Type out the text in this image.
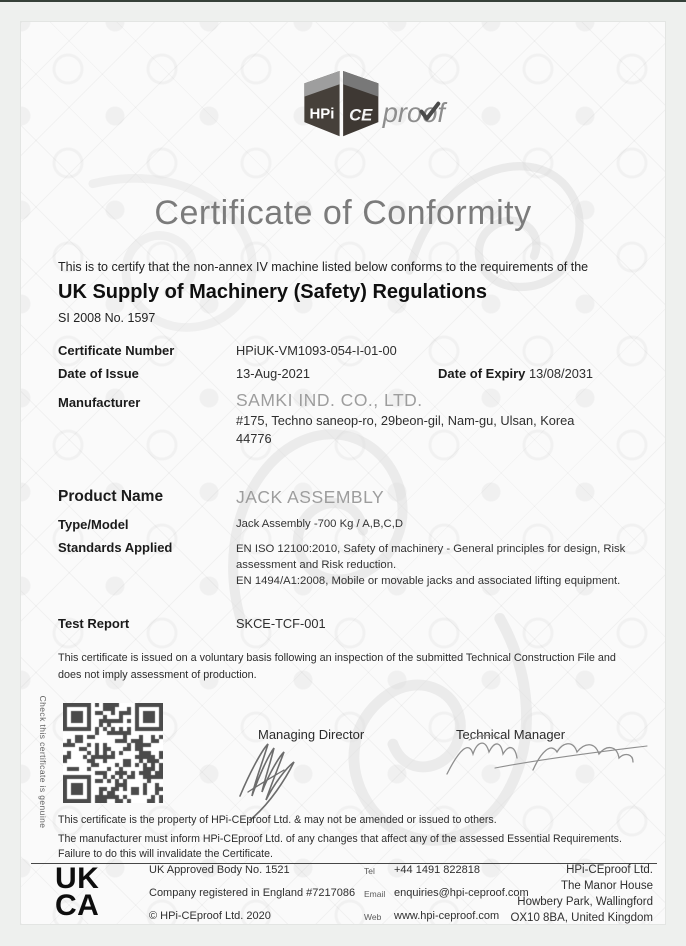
HPi CE proof
Certificate of Conformity
This is to certify that the non-annex IV machine listed below conforms to the requirements of the
UK Supply of Machinery (Safety) Regulations
SI 2008 No. 1597
Certificate Number	HPiUK-VM1093-054-I-01-00
Date of Issue	13-Aug-2021	Date of Expiry 13/08/2031
Manufacturer	SAMKI IND. CO., LTD.
#175, Techno saneop-ro, 29beon-gil, Nam-gu, Ulsan, Korea
44776
Product Name	JACK ASSEMBLY
Type/Model	Jack Assembly -700 Kg / A,B,C,D
Standards Applied	EN ISO 12100:2010, Safety of machinery - General principles for design, Risk assessment and Risk reduction.
EN 1494/A1:2008, Mobile or movable jacks and associated lifting equipment.
Test Report	SKCE-TCF-001
This certificate is issued on a voluntary basis following an inspection of the submitted Technical Construction File and does not imply assessment of production.
Check this certificate is genuine	Managing Director	Technical Manager
This certificate is the property of HPi-CEproof Ltd. & may not be amended or issued to others.
The manufacturer must inform HPi-CEproof Ltd. of any changes that affect any of the assessed Essential Requirements.
Failure to do this will invalidate the Certificate.
UK
CA
UK Approved Body No. 1521
Company registered in England #7217086
© HPi-CEproof Ltd. 2020
Tel +44 1491 822818
Email enquiries@hpi-ceproof.com
Web www.hpi-ceproof.com
HPi-CEproof Ltd.
The Manor House
Howbery Park, Wallingford
OX10 8BA, United Kingdom
